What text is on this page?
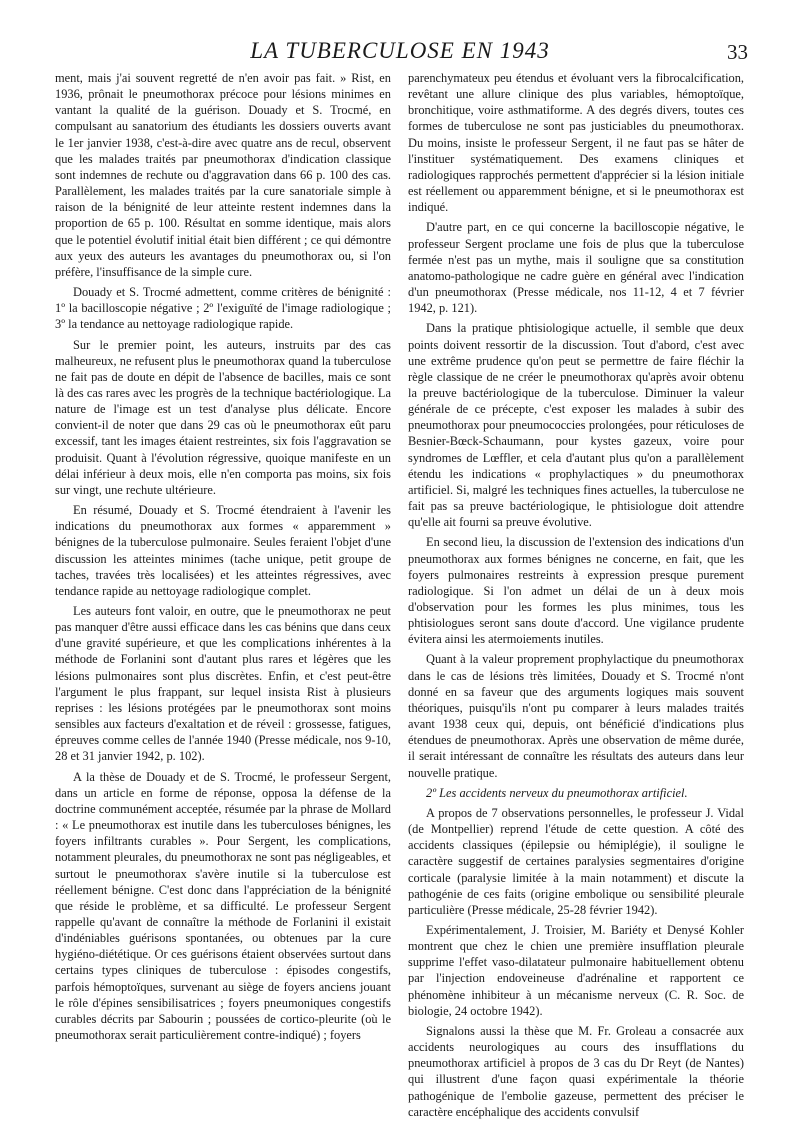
LA TUBERCULOSE EN 1943	33

ment, mais j'ai souvent regretté de n'en avoir pas fait. » Rist, en 1936, prônait le pneumothorax précoce pour lésions minimes en vantant la qualité de la guérison. Douady et S. Trocmé, en compulsant au sanatorium des étudiants les dossiers ouverts avant le 1er janvier 1938, c'est-à-dire avec quatre ans de recul, observent que les malades traités par pneumothorax d'indication classique sont indemnes de rechute ou d'aggravation dans 66 p. 100 des cas. Parallèlement, les malades traités par la cure sanatoriale simple à raison de la bénignité de leur atteinte restent indemnes dans la proportion de 65 p. 100. Résultat en somme identique, mais alors que le potentiel évolutif initial était bien différent ; ce qui démontre aux yeux des auteurs les avantages du pneumothorax ou, si l'on préfère, l'insuffisance de la simple cure.

Douady et S. Trocmé admettent, comme critères de bénignité : 1º la bacilloscopie négative ; 2º l'exiguïté de l'image radiologique ; 3º la tendance au nettoyage radiologique rapide.

Sur le premier point, les auteurs, instruits par des cas malheureux, ne refusent plus le pneumothorax quand la tuberculose ne fait pas de doute en dépit de l'absence de bacilles, mais ce sont là des cas rares avec les progrès de la technique bactériologique. La nature de l'image est un test d'analyse plus délicate. Encore convient-il de noter que dans 29 cas où le pneumothorax eût paru excessif, tant les images étaient restreintes, six fois l'aggravation se produisit. Quant à l'évolution régressive, quoique manifeste en un délai inférieur à deux mois, elle n'en comporta pas moins, six fois sur vingt, une rechute ultérieure.

En résumé, Douady et S. Trocmé étendraient à l'avenir les indications du pneumothorax aux formes « apparemment » bénignes de la tuberculose pulmonaire. Seules feraient l'objet d'une discussion les atteintes minimes (tache unique, petit groupe de taches, travées très localisées) et les atteintes régressives, avec tendance rapide au nettoyage radiologique complet.

Les auteurs font valoir, en outre, que le pneumothorax ne peut pas manquer d'être aussi efficace dans les cas bénins que dans ceux d'une gravité supérieure, et que les complications inhérentes à la méthode de Forlanini sont d'autant plus rares et légères que les lésions pulmonaires sont plus discrètes. Enfin, et c'est peut-être l'argument le plus frappant, sur lequel insista Rist à plusieurs reprises : les lésions protégées par le pneumothorax sont moins sensibles aux facteurs d'exaltation et de réveil : grossesse, fatigues, épreuves comme celles de l'année 1940 (Presse médicale, nos 9-10, 28 et 31 janvier 1942, p. 102).

A la thèse de Douady et de S. Trocmé, le professeur Sergent, dans un article en forme de réponse, opposa la défense de la doctrine communément acceptée, résumée par la phrase de Mollard : « Le pneumothorax est inutile dans les tuberculoses bénignes, les foyers infiltrants curables ». Pour Sergent, les complications, notamment pleurales, du pneumothorax ne sont pas négligeables, et surtout le pneumothorax s'avère inutile si la tuberculose est réellement bénigne. C'est donc dans l'appréciation de la bénignité que réside le problème, et sa difficulté. Le professeur Sergent rappelle qu'avant de connaître la méthode de Forlanini il existait d'indéniables guérisons spontanées, ou obtenues par la cure hygiéno-diététique. Or ces guérisons étaient observées surtout dans certains types cliniques de tuberculose : épisodes congestifs, parfois hémoptoïques, survenant au siège de foyers anciens jouant le rôle d'épines sensibilisatrices ; foyers pneumoniques congestifs curables décrits par Sabourin ; poussées de cortico-pleurite (où le pneumothorax serait particulièrement contre-indiqué) ; foyers

parenchymateux peu étendus et évoluant vers la fibrocalcification, revêtant une allure clinique des plus variables, hémoptoïque, bronchitique, voire asthmatiforme. A des degrés divers, toutes ces formes de tuberculose ne sont pas justiciables du pneumothorax. Du moins, insiste le professeur Sergent, il ne faut pas se hâter de l'instituer systématiquement. Des examens cliniques et radiologiques rapprochés permettent d'apprécier si la lésion initiale est réellement ou apparemment bénigne, et si le pneumothorax est indiqué.

D'autre part, en ce qui concerne la bacilloscopie négative, le professeur Sergent proclame une fois de plus que la tuberculose fermée n'est pas un mythe, mais il souligne que sa constitution anatomo-pathologique ne cadre guère en général avec l'indication d'un pneumothorax (Presse médicale, nos 11-12, 4 et 7 février 1942, p. 121).

Dans la pratique phtisiologique actuelle, il semble que deux points doivent ressortir de la discussion. Tout d'abord, c'est avec une extrême prudence qu'on peut se permettre de faire fléchir la règle classique de ne créer le pneumothorax qu'après avoir obtenu la preuve bactériologique de la tuberculose. Diminuer la valeur générale de ce précepte, c'est exposer les malades à subir des pneumothorax pour pneumococcies prolongées, pour réticuloses de Besnier-Bœck-Schaumann, pour kystes gazeux, voire pour syndromes de Lœffler, et cela d'autant plus qu'on a parallèlement étendu les indications « prophylactiques » du pneumothorax artificiel. Si, malgré les techniques fines actuelles, la tuberculose ne fait pas sa preuve bactériologique, le phtisiologue doit attendre qu'elle ait fourni sa preuve évolutive.

En second lieu, la discussion de l'extension des indications d'un pneumothorax aux formes bénignes ne concerne, en fait, que les foyers pulmonaires restreints à expression presque purement radiologique. Si l'on admet un délai de un à deux mois d'observation pour les formes les plus minimes, tous les phtisiologues seront sans doute d'accord. Une vigilance prudente évitera ainsi les atermoiements inutiles.

Quant à la valeur proprement prophylactique du pneumothorax dans le cas de lésions très limitées, Douady et S. Trocmé n'ont donné en sa faveur que des arguments logiques mais souvent théoriques, puisqu'ils n'ont pu comparer à leurs malades traités avant 1938 ceux qui, depuis, ont bénéficié d'indications plus étendues de pneumothorax. Après une observation de même durée, il serait intéressant de connaître les résultats des auteurs dans leur nouvelle pratique.

2º Les accidents nerveux du pneumothorax artificiel.

A propos de 7 observations personnelles, le professeur J. Vidal (de Montpellier) reprend l'étude de cette question. A côté des accidents classiques (épilepsie ou hémiplégie), il souligne le caractère suggestif de certaines paralysies segmentaires d'origine corticale (paralysie limitée à la main notamment) et discute la pathogénie de ces faits (origine embolique ou sensibilité pleurale particulière (Presse médicale, 25-28 février 1942).

Expérimentalement, J. Troisier, M. Bariéty et Denysé Kohler montrent que chez le chien une première insufflation pleurale supprime l'effet vaso-dilatateur pulmonaire habituellement obtenu par l'injection endoveineuse d'adrénaline et rapportent ce phénomène inhibiteur à un mécanisme nerveux (C. R. Soc. de biologie, 24 octobre 1942).

Signalons aussi la thèse que M. Fr. Groleau a consacrée aux accidents neurologiques au cours des insufflations du pneumothorax artificiel à propos de 3 cas du Dr Reyt (de Nantes) qui illustrent d'une façon quasi expérimentale la théorie pathogénique de l'embolie gazeuse, permettent des préciser le caractère encéphalique des accidents convulsif
